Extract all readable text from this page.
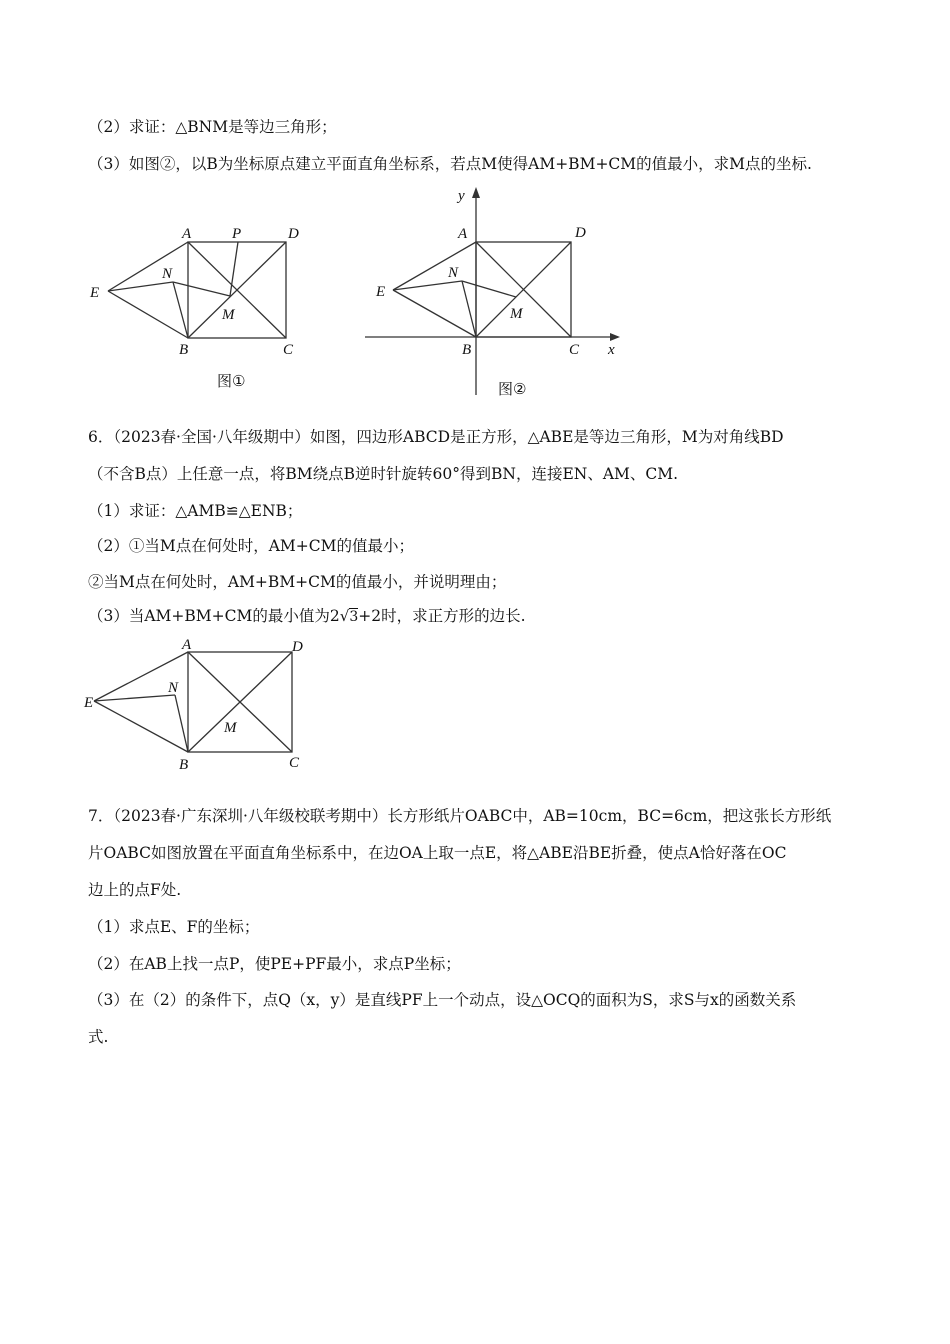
（2）求证：△BNM是等边三角形；
（3）如图②，以B为坐标原点建立平面直角坐标系，若点M使得AM+BM+CM的值最小，求M点的坐标.
A	P	D
N
E
M
B	C
图①
y
A	D
N
E
M
B	C x
图②
6．（2023春·全国·八年级期中）如图，四边形ABCD是正方形，△ABE是等边三角形，M为对角线BD
（不含B点）上任意一点，将BM绕点B逆时针旋转60°得到BN，连接EN、AM、CM.
（1）求证：△AMB≌△ENB；
（2）①当M点在何处时，AM+CM的值最小；
②当M点在何处时，AM+BM+CM的值最小，并说明理由；
（3）当AM+BM+CM的最小值为2√3+2时，求正方形的边长.
A	D
N
E
M
B	C
7．（2023春·广东深圳·八年级校联考期中）长方形纸片OABC中，AB=10cm，BC=6cm，把这张长方形纸
片OABC如图放置在平面直角坐标系中，在边OA上取一点E，将△ABE沿BE折叠，使点A恰好落在OC
边上的点F处.
（1）求点E、F的坐标；
（2）在AB上找一点P，使PE+PF最小，求点P坐标；
（3）在（2）的条件下，点Q（x，y）是直线PF上一个动点，设△OCQ的面积为S，求S与x的函数关系
式.
